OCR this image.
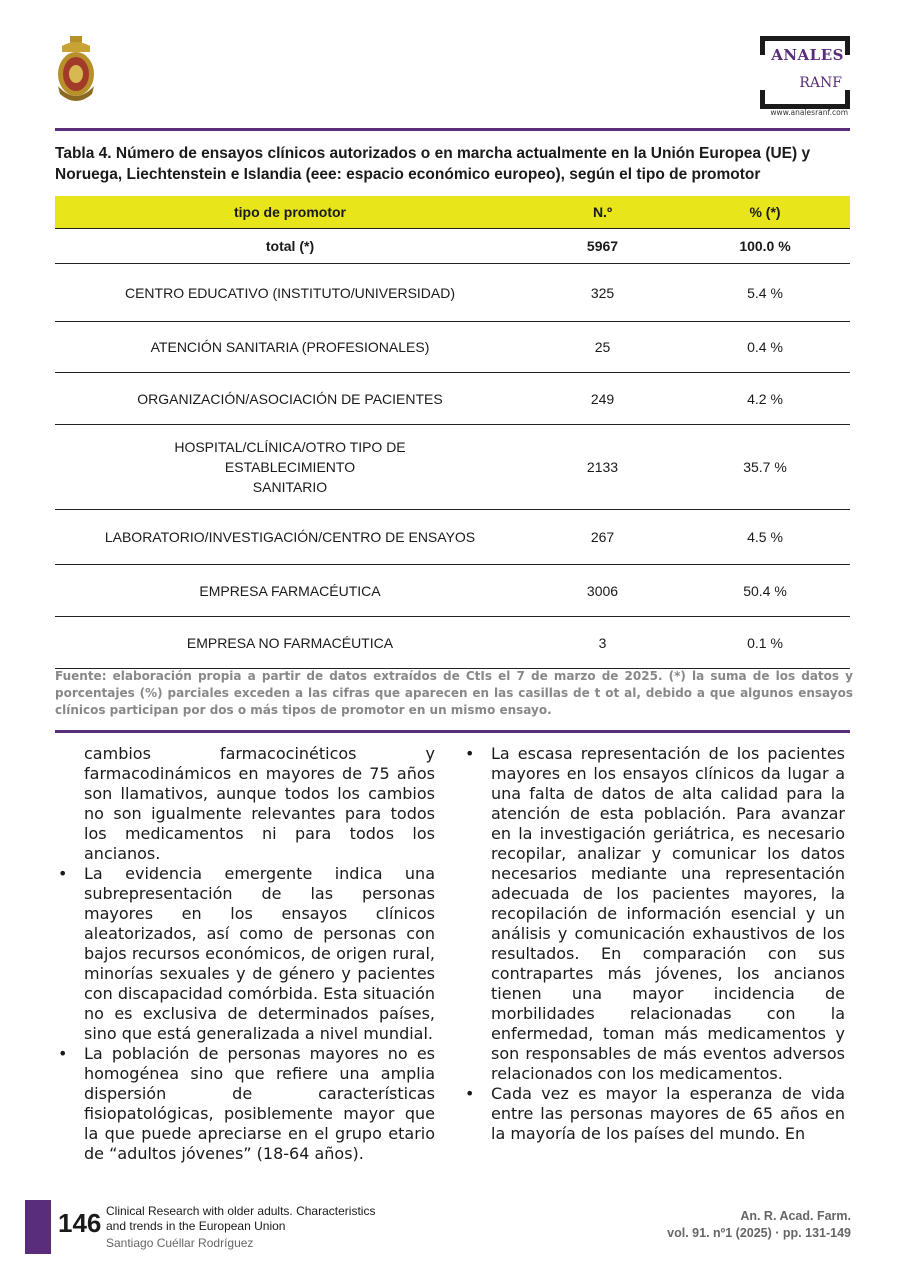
ANALES
RANF
www.analesranf.com
Tabla 4. Número de ensayos clínicos autorizados o en marcha actualmente en la Unión Europea (UE) y Noruega, Liechtenstein e Islandia (eee: espacio económico europeo), según el tipo de promotor
tipo de promotor	N.º	% (*)
total (*)	5967	100.0 %
CENTRO EDUCATIVO (INSTITUTO/UNIVERSIDAD)	325	5.4 %
ATENCIÓN SANITARIA (PROFESIONALES)	25	0.4 %
ORGANIZACIÓN/ASOCIACIÓN DE PACIENTES	249	4.2 %
HOSPITAL/CLÍNICA/OTRO TIPO DE
ESTABLECIMIENTO
SANITARIO
2133	35.7 %
LABORATORIO/INVESTIGACIÓN/CENTRO DE ENSAYOS	267	4.5 %
EMPRESA FARMACÉUTICA	3006	50.4 %
EMPRESA NO FARMACÉUTICA	3	0.1 %
Fuente: elaboración propia a partir de datos extraídos de CtIs el 7 de marzo de 2025. (*) la suma de los datos y porcentajes (%) parciales exceden a las cifras que aparecen en las casillas de t ot al, debido a que algunos ensayos clínicos participan por dos o más tipos de promotor en un mismo ensayo.

cambios farmacocinéticos y farmacodinámicos en mayores de 75 años son llamativos, aunque todos los cambios no son igualmente relevantes para todos los medicamentos ni para todos los ancianos.

• La evidencia emergente indica una subrepresentación de las personas mayores en los ensayos clínicos aleatorizados, así como de personas con bajos recursos económicos, de origen rural, minorías sexuales y de género y pacientes con discapacidad comórbida. Esta situación no es exclusiva de determinados países, sino que está generalizada a nivel mundial.

• La población de personas mayores no es homogénea sino que refiere una amplia dispersión de características fisiopatológicas, posiblemente mayor que la que puede apreciarse en el grupo etario de “adultos jóvenes” (18-64 años).

• La escasa representación de los pacientes mayores en los ensayos clínicos da lugar a una falta de datos de alta calidad para la atención de esta población. Para avanzar en la investigación geriátrica, es necesario recopilar, analizar y comunicar los datos necesarios mediante una representación adecuada de los pacientes mayores, la recopilación de información esencial y un análisis y comunicación exhaustivos de los resultados. En comparación con sus contrapartes más jóvenes, los ancianos tienen una mayor incidencia de morbilidades relacionadas con la enfermedad, toman más medicamentos y son responsables de más eventos adversos relacionados con los medicamentos.

• Cada vez es mayor la esperanza de vida entre las personas mayores de 65 años en la mayoría de los países del mundo. En

146 Clinical Research with older adults. Characteristics
and trends in the European Union
Santiago Cuéllar Rodríguez
An. R. Acad. Farm.
vol. 91. nº1 (2025) · pp. 131-149
